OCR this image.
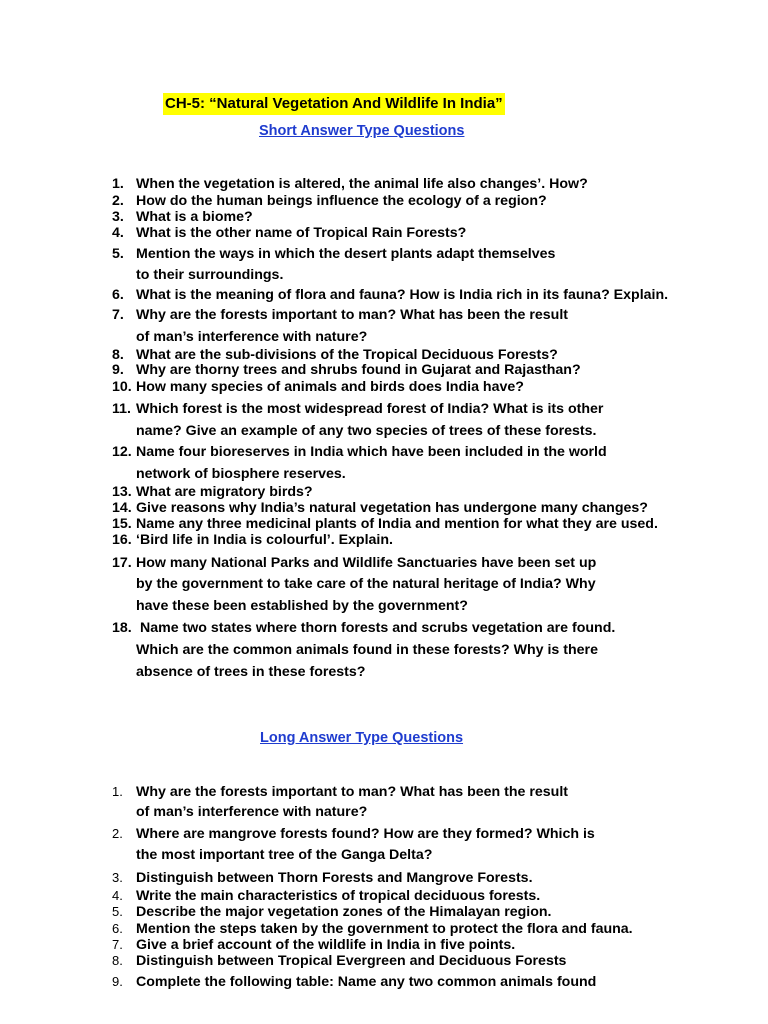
CH-5: “Natural Vegetation And Wildlife In India”
Short Answer Type Questions
1. When the vegetation is altered, the animal life also changes’. How?
2. How do the human beings influence the ecology of a region?
3. What is a biome?
4. What is the other name of Tropical Rain Forests?
5. Mention the ways in which the desert plants adapt themselves
to their surroundings.
6. What is the meaning of flora and fauna? How is India rich in its fauna? Explain.
7. Why are the forests important to man? What has been the result
of man’s interference with nature?
8. What are the sub-divisions of the Tropical Deciduous Forests?
9. Why are thorny trees and shrubs found in Gujarat and Rajasthan?
10. How many species of animals and birds does India have?
11. Which forest is the most widespread forest of India? What is its other
name? Give an example of any two species of trees of these forests.
12. Name four bioreserves in India which have been included in the world
network of biosphere reserves.
13. What are migratory birds?
14. Give reasons why India’s natural vegetation has undergone many changes?
15. Name any three medicinal plants of India and mention for what they are used.
16. ‘Bird life in India is colourful’. Explain.
17. How many National Parks and Wildlife Sanctuaries have been set up
by the government to take care of the natural heritage of India? Why
have these been established by the government?
18. Name two states where thorn forests and scrubs vegetation are found.
Which are the common animals found in these forests? Why is there
absence of trees in these forests?
Long Answer Type Questions
1. Why are the forests important to man? What has been the result
of man’s interference with nature?
2. Where are mangrove forests found? How are they formed? Which is
the most important tree of the Ganga Delta?
3. Distinguish between Thorn Forests and Mangrove Forests.
4. Write the main characteristics of tropical deciduous forests.
5. Describe the major vegetation zones of the Himalayan region.
6. Mention the steps taken by the government to protect the flora and fauna.
7. Give a brief account of the wildlife in India in five points.
8. Distinguish between Tropical Evergreen and Deciduous Forests
9. Complete the following table: Name any two common animals found
